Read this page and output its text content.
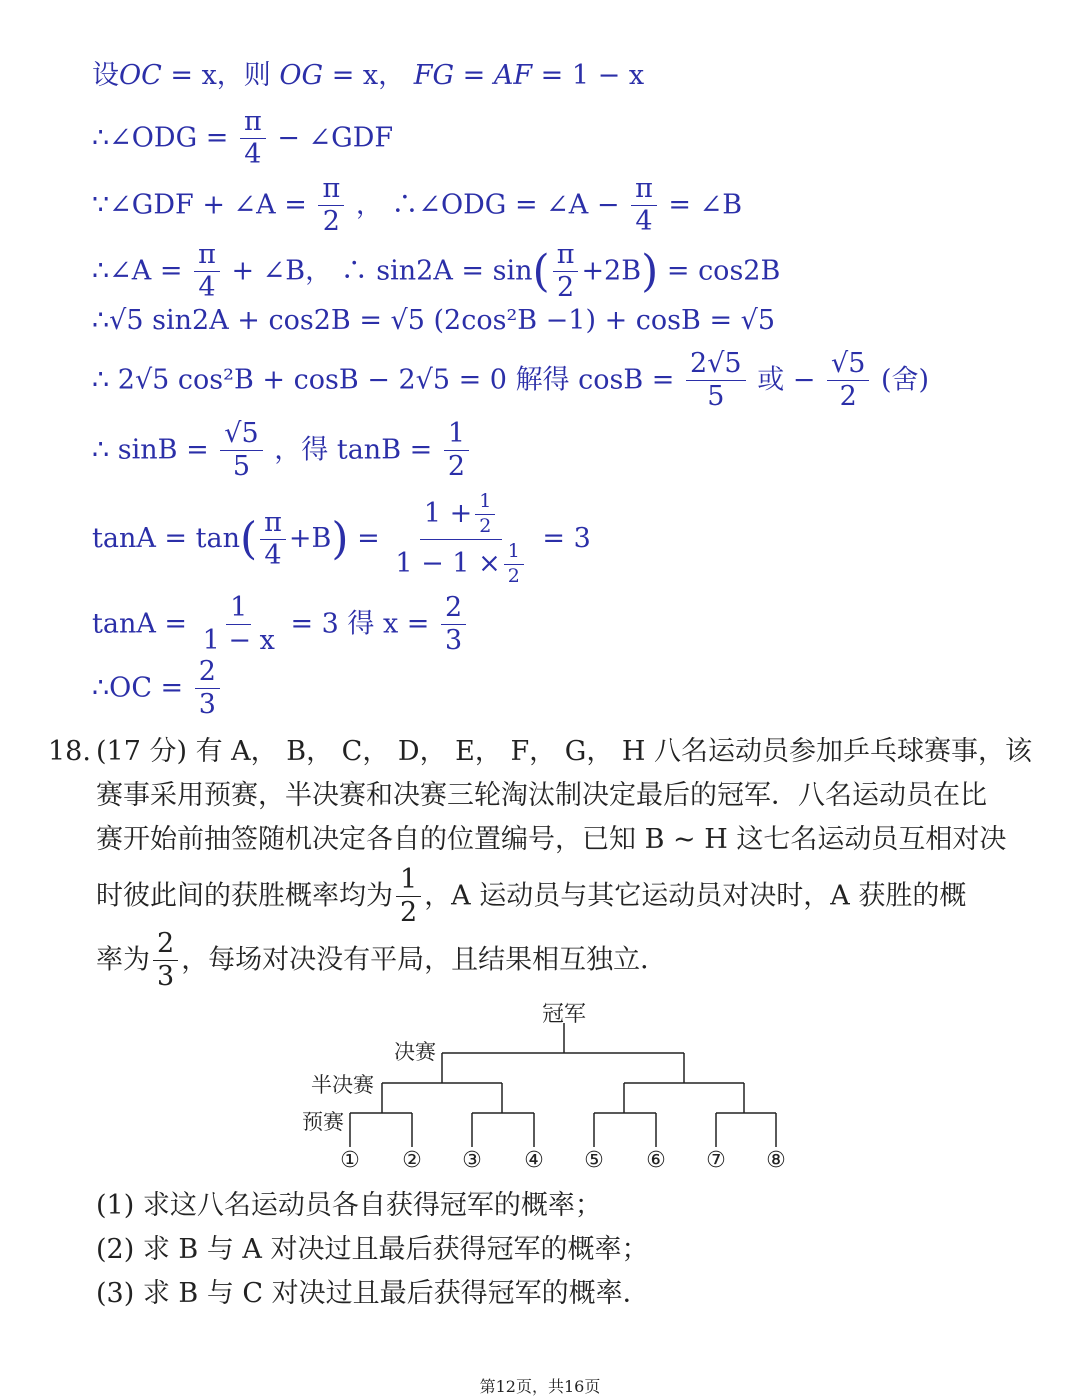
设OC = x，则 OG = x， FG = AF = 1 − x
∴∠ODG = $\frac{\pi}{4}$ − ∠GDF
∵∠GDF + ∠A = $\frac{\pi}{2}$ ， ∴∠ODG = ∠A − $\frac{\pi}{4}$ = ∠B
∴∠A = $\frac{\pi}{4}$ + ∠B， ∴ $\sin 2A = \sin( \frac{\pi}{2} +2B) = \cos 2B$
∴√5 sin2A + cos2B = √5 (2cos²B −1) + cosB = √5
∴ 2√5 cos²B + cosB − 2√5 = 0 解得 $\cos B = \frac{2√5}{5}$ 或 − $\frac{√5}{2}$ (舍)
∴ $\sin B = \frac{√5}{5}$ ，得 $\tan B = \frac{1}{2}$
$\tan A = \tan( \frac{\pi}{4} +B) = \frac{1 + \frac{1}{2}}{1 - 1 \times \frac{1}{2}} = 3$
$\tan A = \frac{1}{1 - x} = 3$ 得 $x = \frac{2}{3}$
∴OC = $\frac{2}{3}$
18. (17 分) 有 A， B， C， D， E， F， G， H 八名运动员参加乒乓球赛事，该
赛事采用预赛，半决赛和决赛三轮淘汰制决定最后的冠军．八名运动员在比
赛开始前抽签随机决定各自的位置编号，已知 B ~ H 这七名运动员互相对决
时彼此间的获胜概率均为 $\frac{1}{2}$ ，A 运动员与其它运动员对决时，A 获胜的概
率为 $\frac{2}{3}$ ，每场对决没有平局，且结果相互独立．
冠军
决赛
半决赛
预赛
① ② ③ ④ ⑤ ⑥ ⑦ ⑧
(1) 求这八名运动员各自获得冠军的概率；
(2) 求 B 与 A 对决过且最后获得冠军的概率；
(3) 求 B 与 C 对决过且最后获得冠军的概率．
第12页，共16页
